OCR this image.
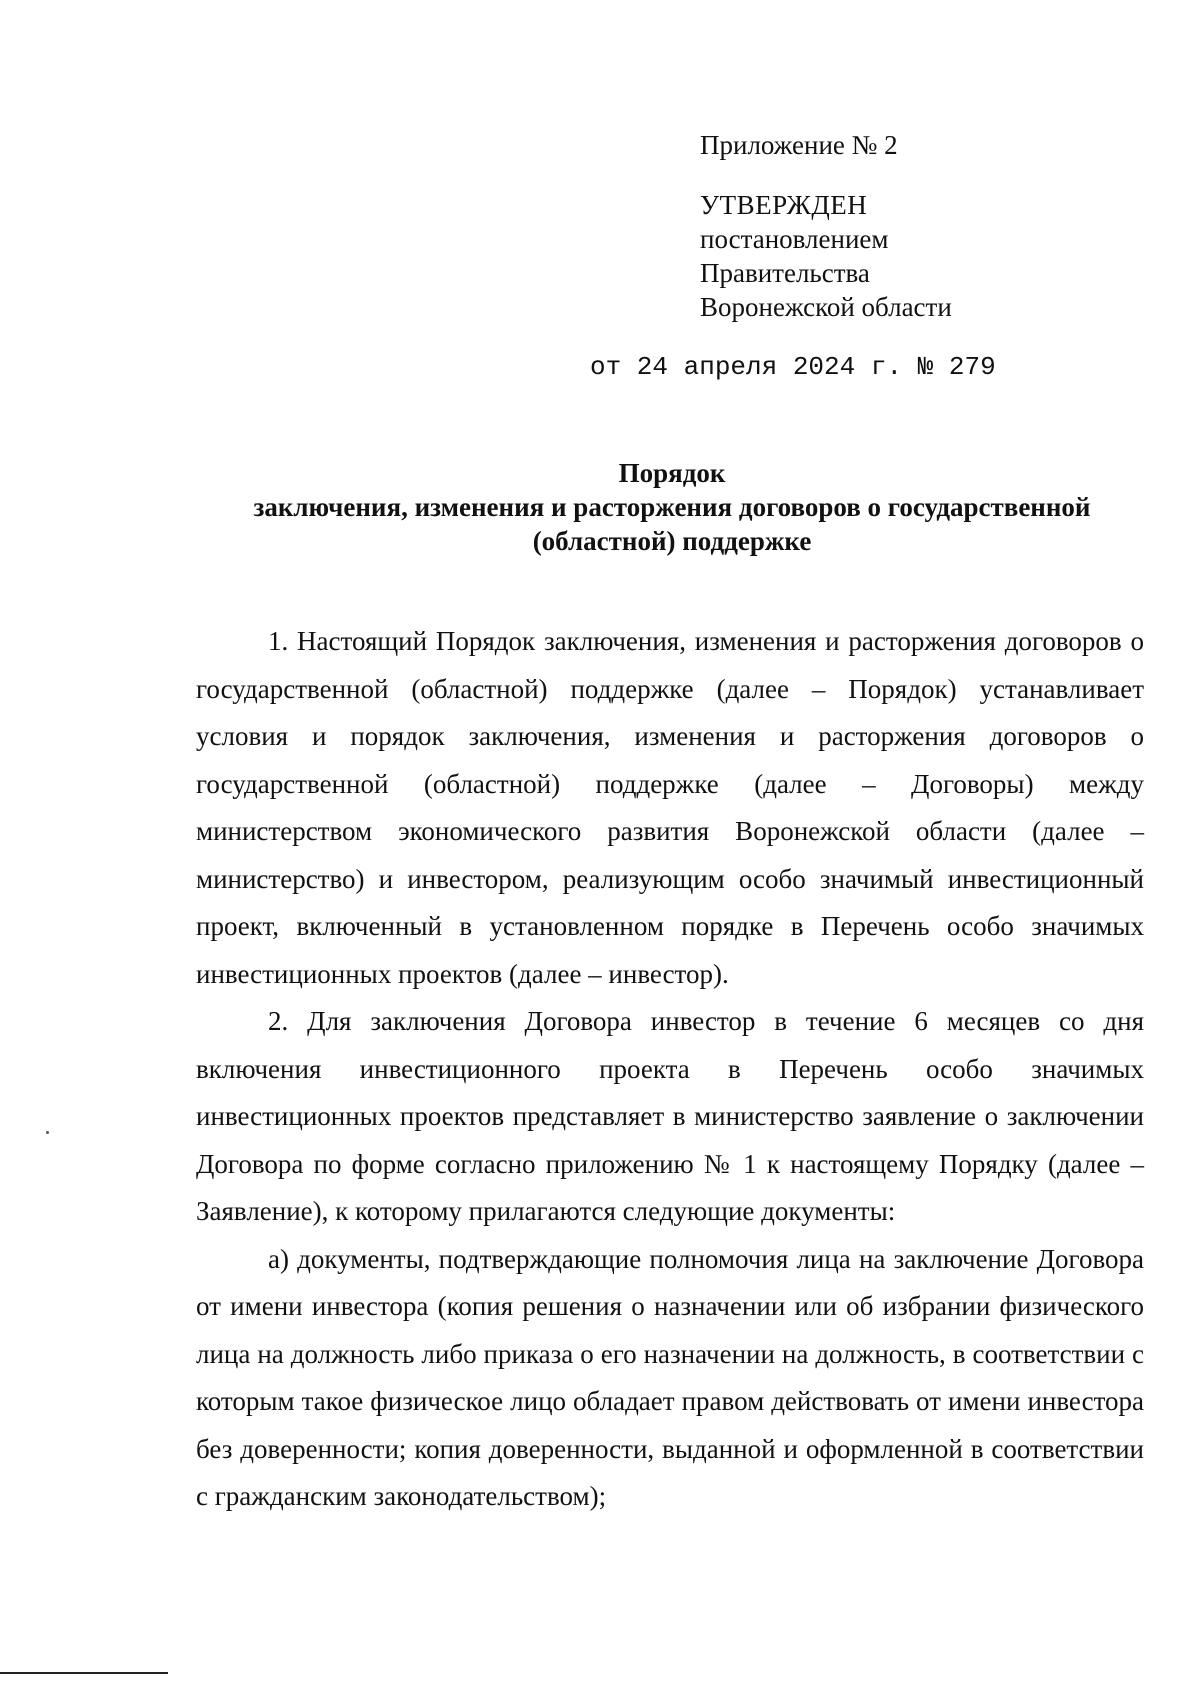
Приложение № 2
УТВЕРЖДЕН
постановлением
Правительства
Воронежской области
от 24 апреля 2024 г. № 279
Порядок
заключения, изменения и расторжения договоров о государственной
(областной) поддержке

1. Настоящий Порядок заключения, изменения и расторжения договоров о государственной (областной) поддержке (далее – Порядок) устанавливает условия и порядок заключения, изменения и расторжения договоров о государственной (областной) поддержке (далее – Договоры) между министерством экономического развития Воронежской области (далее – министерство) и инвестором, реализующим особо значимый инвестиционный проект, включенный в установленном порядке в Перечень особо значимых инвестиционных проектов (далее – инвестор).

2. Для заключения Договора инвестор в течение 6 месяцев со дня включения инвестиционного проекта в Перечень особо значимых инвестиционных проектов представляет в министерство заявление о заключении Договора по форме согласно приложению № 1 к настоящему Порядку (далее – Заявление), к которому прилагаются следующие документы:

а) документы, подтверждающие полномочия лица на заключение Договора от имени инвестора (копия решения о назначении или об избрании физического лица на должность либо приказа о его назначении на должность, в соответствии с которым такое физическое лицо обладает правом действовать от имени инвестора без доверенности; копия доверенности, выданной и оформленной в соответствии с гражданским законодательством);
